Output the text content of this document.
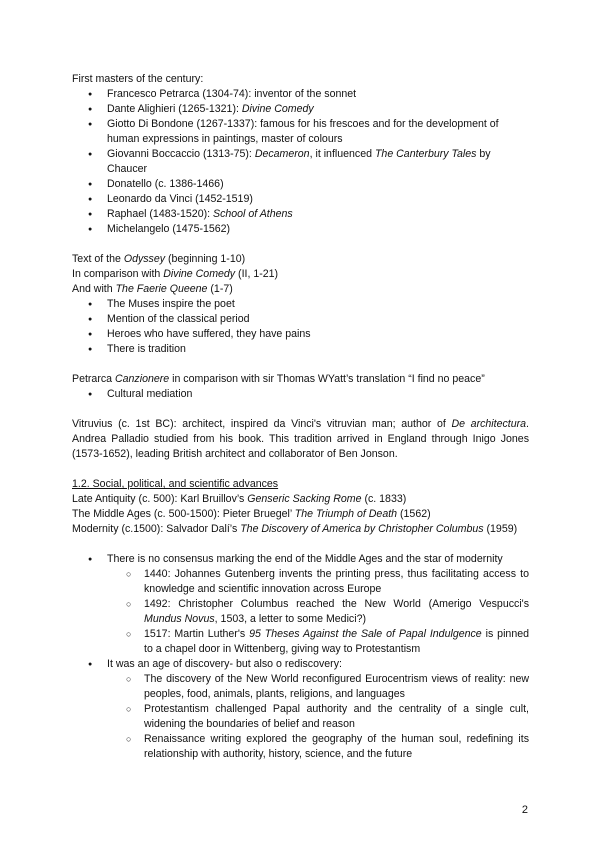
First masters of the century:
● Francesco Petrarca (1304-74): inventor of the sonnet
● Dante Alighieri (1265-1321): Divine Comedy
● Giotto Di Bondone (1267-1337): famous for his frescoes and for the development of human expressions in paintings, master of colours
● Giovanni Boccaccio (1313-75): Decameron, it influenced The Canterbury Tales by Chaucer
● Donatello (c. 1386-1466)
● Leonardo da Vinci (1452-1519)
● Raphael (1483-1520): School of Athens
● Michelangelo (1475-1562)
Text of the Odyssey (beginning 1-10)
In comparison with Divine Comedy (II, 1-21)
And with The Faerie Queene (1-7)
● The Muses inspire the poet
● Mention of the classical period
● Heroes who have suffered, they have pains
● There is tradition
Petrarca Canzionere in comparison with sir Thomas WYatt’s translation “I find no peace”
● Cultural mediation
Vitruvius (c. 1st BC): architect, inspired da Vinci's vitruvian man; author of De architectura. Andrea Palladio studied from his book. This tradition arrived in England through Inigo Jones (1573-1652), leading British architect and collaborator of Ben Jonson.
1.2. Social, political, and scientific advances
Late Antiquity (c. 500): Karl Bruillov’s Genseric Sacking Rome (c. 1833)
The Middle Ages (c. 500-1500): Pieter Bruegel’ The Triumph of Death (1562)
Modernity (c.1500): Salvador Dalí’s The Discovery of America by Christopher Columbus (1959)
● There is no consensus marking the end of the Middle Ages and the star of modernity
○ 1440: Johannes Gutenberg invents the printing press, thus facilitating access to knowledge and scientific innovation across Europe
○ 1492: Christopher Columbus reached the New World (Amerigo Vespucci's Mundus Novus, 1503, a letter to some Medici?)
○ 1517: Martin Luther's 95 Theses Against the Sale of Papal Indulgence is pinned to a chapel door in Wittenberg, giving way to Protestantism
● It was an age of discovery- but also o rediscovery:
○ The discovery of the New World reconfigured Eurocentrism views of reality: new peoples, food, animals, plants, religions, and languages
○ Protestantism challenged Papal authority and the centrality of a single cult, widening the boundaries of belief and reason
○ Renaissance writing explored the geography of the human soul, redefining its relationship with authority, history, science, and the future
2
